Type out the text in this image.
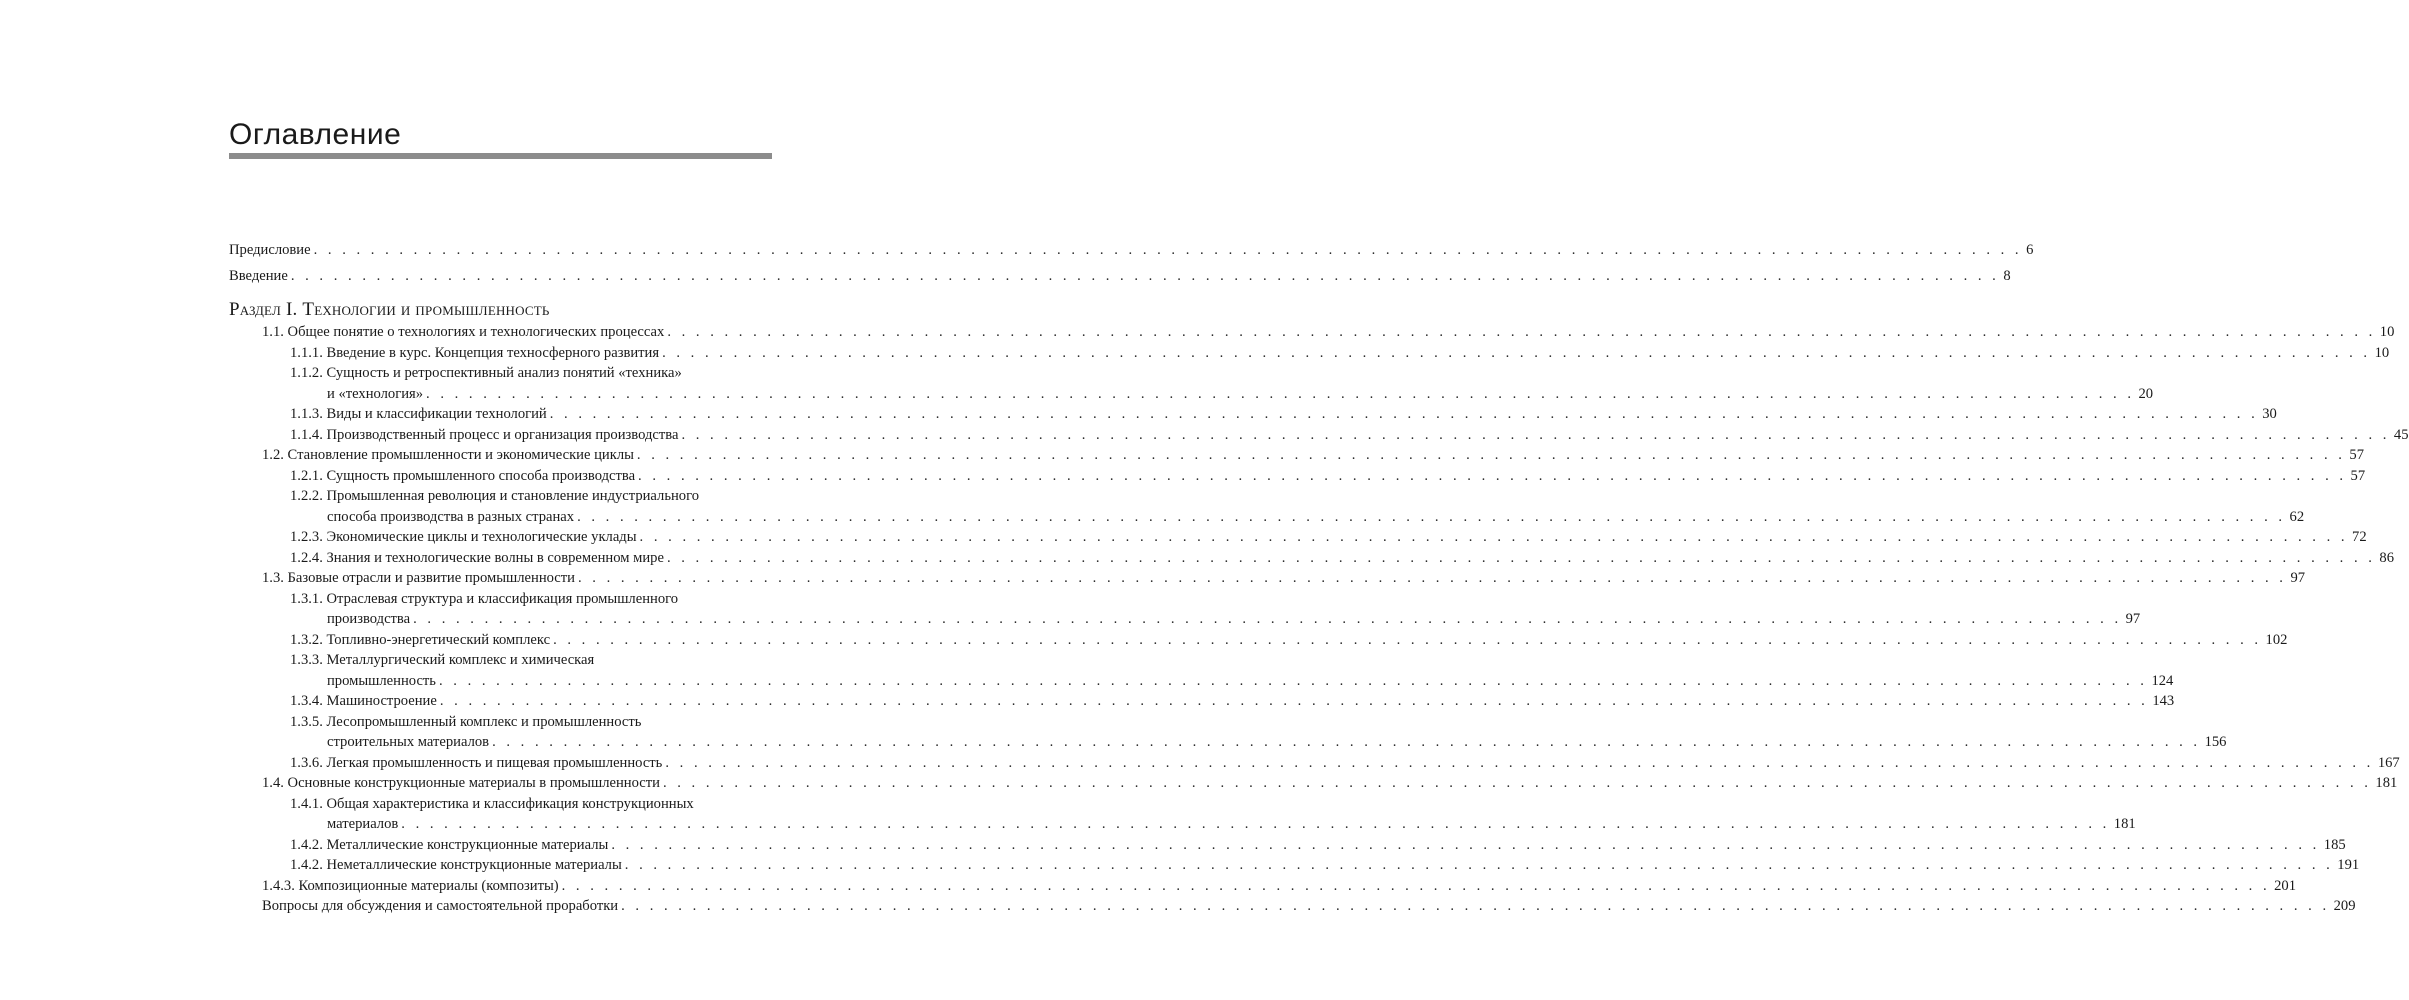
Оглавление
Предисловие . . . . . . . . . . . . . . . . . . . . . . . . . . . . . . . . . . . . . . . . . . . . . . . . . . . . . . . . . . . . . . . . . . . . . . . . . . . . . . . . . . . . . . . . . . . . . . . . . . . . . . . . . . . . . . . . . . . . . . . . 6
Введение . . . . . . . . . . . . . . . . . . . . . . . . . . . . . . . . . . . . . . . . . . . . . . . . . . . . . . . . . . . . . . . . . . . . . . . . . . . . . . . . . . . . . . . . . . . . . . . . . . . . . . . . . . . . . . . . . . . . . . . . 8
Раздел I. Технологии и промышленность
1.1. Общее понятие о технологиях и технологических процессах . . . . . . . . . . . . . . . . . . . . . . . . . . . . . . . . . . . . . . . . . . . . . . . . . . . . . . . . . . . . . . . . . . . . . . . . . . . . . . . . . . . . . . . . . . . . . . . . . . . . . . . . . . . . . . . . . . . . . . . . 10
1.1.1. Введение в курс. Концепция техносферного развития . . . . . . . . . . . . . . . . . . . . . . . . . . . . . . . . . . . . . . . . . . . . . . . . . . . . . . . . . . . . . . . . . . . . . . . . . . . . . . . . . . . . . . . . . . . . . . . . . . . . . . . . . . . . . . . . . . . . . . . . 10
1.1.2. Сущность и ретроспективный анализ понятий «техника»
и «технология» . . . . . . . . . . . . . . . . . . . . . . . . . . . . . . . . . . . . . . . . . . . . . . . . . . . . . . . . . . . . . . . . . . . . . . . . . . . . . . . . . . . . . . . . . . . . . . . . . . . . . . . . . . . . . . . . . . . . . . . . 20
1.1.3. Виды и классификации технологий . . . . . . . . . . . . . . . . . . . . . . . . . . . . . . . . . . . . . . . . . . . . . . . . . . . . . . . . . . . . . . . . . . . . . . . . . . . . . . . . . . . . . . . . . . . . . . . . . . . . . . . . . . . . . . . . . . . . . . . . 30
1.1.4. Производственный процесс и организация производства . . . . . . . . . . . . . . . . . . . . . . . . . . . . . . . . . . . . . . . . . . . . . . . . . . . . . . . . . . . . . . . . . . . . . . . . . . . . . . . . . . . . . . . . . . . . . . . . . . . . . . . . . . . . . . . . . . . . . . . . 45
1.2. Становление промышленности и экономические циклы . . . . . . . . . . . . . . . . . . . . . . . . . . . . . . . . . . . . . . . . . . . . . . . . . . . . . . . . . . . . . . . . . . . . . . . . . . . . . . . . . . . . . . . . . . . . . . . . . . . . . . . . . . . . . . . . . . . . . . . . 57
1.2.1. Сущность промышленного способа производства . . . . . . . . . . . . . . . . . . . . . . . . . . . . . . . . . . . . . . . . . . . . . . . . . . . . . . . . . . . . . . . . . . . . . . . . . . . . . . . . . . . . . . . . . . . . . . . . . . . . . . . . . . . . . . . . . . . . . . . . 57
1.2.2. Промышленная революция и становление индустриального
способа производства в разных странах . . . . . . . . . . . . . . . . . . . . . . . . . . . . . . . . . . . . . . . . . . . . . . . . . . . . . . . . . . . . . . . . . . . . . . . . . . . . . . . . . . . . . . . . . . . . . . . . . . . . . . . . . . . . . . . . . . . . . . . . 62
1.2.3. Экономические циклы и технологические уклады . . . . . . . . . . . . . . . . . . . . . . . . . . . . . . . . . . . . . . . . . . . . . . . . . . . . . . . . . . . . . . . . . . . . . . . . . . . . . . . . . . . . . . . . . . . . . . . . . . . . . . . . . . . . . . . . . . . . . . . . 72
1.2.4. Знания и технологические волны в современном мире . . . . . . . . . . . . . . . . . . . . . . . . . . . . . . . . . . . . . . . . . . . . . . . . . . . . . . . . . . . . . . . . . . . . . . . . . . . . . . . . . . . . . . . . . . . . . . . . . . . . . . . . . . . . . . . . . . . . . . . . 86
1.3. Базовые отрасли и развитие промышленности . . . . . . . . . . . . . . . . . . . . . . . . . . . . . . . . . . . . . . . . . . . . . . . . . . . . . . . . . . . . . . . . . . . . . . . . . . . . . . . . . . . . . . . . . . . . . . . . . . . . . . . . . . . . . . . . . . . . . . . . 97
1.3.1. Отраслевая структура и классификация промышленного
производства . . . . . . . . . . . . . . . . . . . . . . . . . . . . . . . . . . . . . . . . . . . . . . . . . . . . . . . . . . . . . . . . . . . . . . . . . . . . . . . . . . . . . . . . . . . . . . . . . . . . . . . . . . . . . . . . . . . . . . . . 97
1.3.2. Топливно-энергетический комплекс . . . . . . . . . . . . . . . . . . . . . . . . . . . . . . . . . . . . . . . . . . . . . . . . . . . . . . . . . . . . . . . . . . . . . . . . . . . . . . . . . . . . . . . . . . . . . . . . . . . . . . . . . . . . . . . . . . . . . . . . 102
1.3.3. Металлургический комплекс и химическая
промышленность . . . . . . . . . . . . . . . . . . . . . . . . . . . . . . . . . . . . . . . . . . . . . . . . . . . . . . . . . . . . . . . . . . . . . . . . . . . . . . . . . . . . . . . . . . . . . . . . . . . . . . . . . . . . . . . . . . . . . . . . 124
1.3.4. Машиностроение . . . . . . . . . . . . . . . . . . . . . . . . . . . . . . . . . . . . . . . . . . . . . . . . . . . . . . . . . . . . . . . . . . . . . . . . . . . . . . . . . . . . . . . . . . . . . . . . . . . . . . . . . . . . . . . . . . . . . . . . 143
1.3.5. Лесопромышленный комплекс и промышленность
строительных материалов . . . . . . . . . . . . . . . . . . . . . . . . . . . . . . . . . . . . . . . . . . . . . . . . . . . . . . . . . . . . . . . . . . . . . . . . . . . . . . . . . . . . . . . . . . . . . . . . . . . . . . . . . . . . . . . . . . . . . . . . 156
1.3.6. Легкая промышленность и пищевая промышленность . . . . . . . . . . . . . . . . . . . . . . . . . . . . . . . . . . . . . . . . . . . . . . . . . . . . . . . . . . . . . . . . . . . . . . . . . . . . . . . . . . . . . . . . . . . . . . . . . . . . . . . . . . . . . . . . . . . . . . . . 167
1.4. Основные конструкционные материалы в промышленности . . . . . . . . . . . . . . . . . . . . . . . . . . . . . . . . . . . . . . . . . . . . . . . . . . . . . . . . . . . . . . . . . . . . . . . . . . . . . . . . . . . . . . . . . . . . . . . . . . . . . . . . . . . . . . . . . . . . . . . . 181
1.4.1. Общая характеристика и классификация конструкционных
материалов . . . . . . . . . . . . . . . . . . . . . . . . . . . . . . . . . . . . . . . . . . . . . . . . . . . . . . . . . . . . . . . . . . . . . . . . . . . . . . . . . . . . . . . . . . . . . . . . . . . . . . . . . . . . . . . . . . . . . . . . 181
1.4.2. Металлические конструкционные материалы . . . . . . . . . . . . . . . . . . . . . . . . . . . . . . . . . . . . . . . . . . . . . . . . . . . . . . . . . . . . . . . . . . . . . . . . . . . . . . . . . . . . . . . . . . . . . . . . . . . . . . . . . . . . . . . . . . . . . . . . 185
1.4.2. Неметаллические конструкционные материалы . . . . . . . . . . . . . . . . . . . . . . . . . . . . . . . . . . . . . . . . . . . . . . . . . . . . . . . . . . . . . . . . . . . . . . . . . . . . . . . . . . . . . . . . . . . . . . . . . . . . . . . . . . . . . . . . . . . . . . . . 191
1.4.3. Композиционные материалы (композиты) . . . . . . . . . . . . . . . . . . . . . . . . . . . . . . . . . . . . . . . . . . . . . . . . . . . . . . . . . . . . . . . . . . . . . . . . . . . . . . . . . . . . . . . . . . . . . . . . . . . . . . . . . . . . . . . . . . . . . . . . 201
Вопросы для обсуждения и самостоятельной проработки . . . . . . . . . . . . . . . . . . . . . . . . . . . . . . . . . . . . . . . . . . . . . . . . . . . . . . . . . . . . . . . . . . . . . . . . . . . . . . . . . . . . . . . . . . . . . . . . . . . . . . . . . . . . . . . . . . . . . . . . 209
